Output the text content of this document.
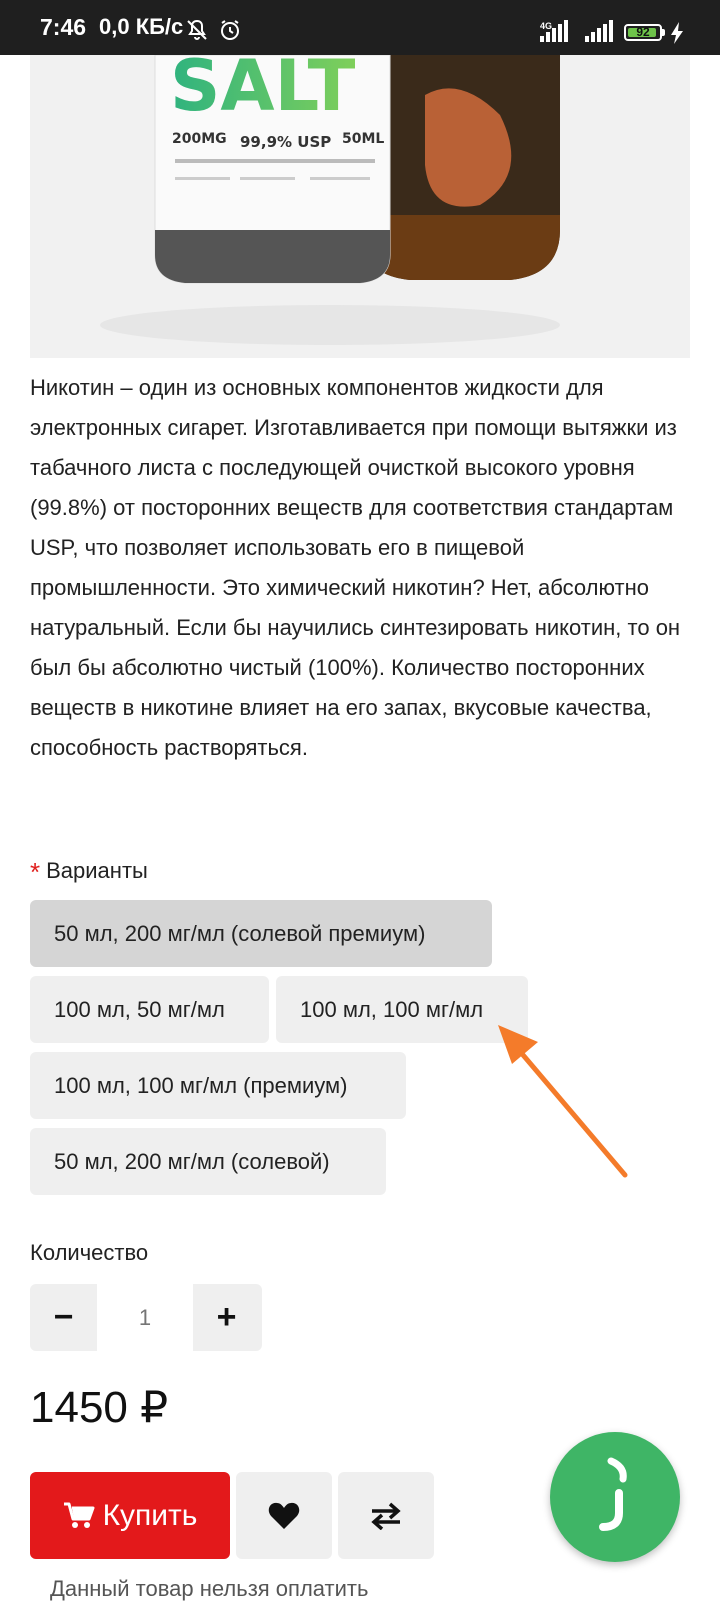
7:46 0,0 КБ/с	4G	92
SALT
200MG 99,9% USP 50ML
Никотин – один из основных компонентов жидкости для электронных сигарет. Изготавливается при помощи вытяжки из табачного листа с последующей очисткой высокого уровня (99.8%) от посторонних веществ для соответствия стандартам USP, что позволяет использовать его в пищевой промышленности. Это химический никотин? Нет, абсолютно натуральный. Если бы научились синтезировать никотин, то он был бы абсолютно чистый (100%). Количество посторонних веществ в никотине влияет на его запах, вкусовые качества, способность растворяться.
* Варианты
50 мл, 200 мг/мл (солевой премиум)
100 мл, 50 мг/мл	100 мл, 100 мг/мл
100 мл, 100 мг/мл (премиум)
50 мл, 200 мг/мл (солевой)
Количество
−
1	+
1450 ₽
Купить
Данный товар нельзя оплатить
